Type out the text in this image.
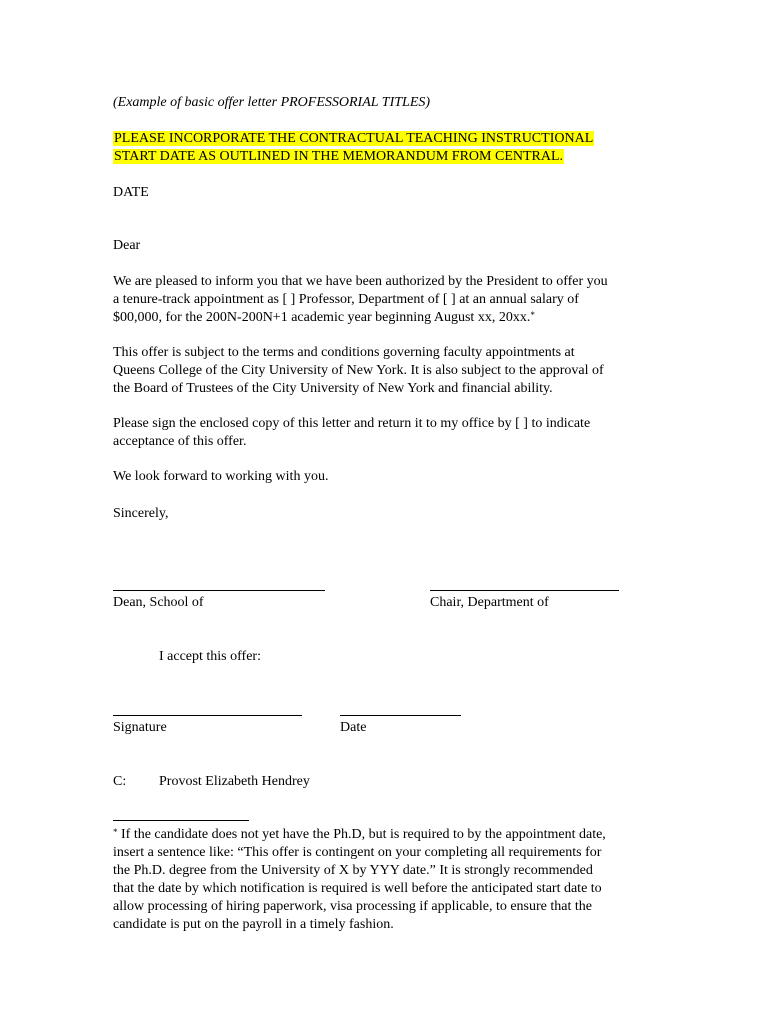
(Example of basic offer letter PROFESSORIAL TITLES)

PLEASE INCORPORATE THE CONTRACTUAL TEACHING INSTRUCTIONAL
START DATE AS OUTLINED IN THE MEMORANDUM FROM CENTRAL.

DATE

Dear

We are pleased to inform you that we have been authorized by the President to offer you
a tenure-track appointment as [ ] Professor, Department of [ ] at an annual salary of
$00,000, for the 200N-200N+1 academic year beginning August xx, 20xx.*
This offer is subject to the terms and conditions governing faculty appointments at
Queens College of the City University of New York. It is also subject to the approval of
the Board of Trustees of the City University of New York and financial ability.
Please sign the enclosed copy of this letter and return it to my office by [ ] to indicate
acceptance of this offer.

We look forward to working with you.

Sincerely,

Dean, School of	Chair, Department of

I accept this offer:

Signature	Date

C: Provost Elizabeth Hendrey

* If the candidate does not yet have the Ph.D, but is required to by the appointment date,
insert a sentence like: “This offer is contingent on your completing all requirements for
the Ph.D. degree from the University of X by YYY date.” It is strongly recommended
that the date by which notification is required is well before the anticipated start date to
allow processing of hiring paperwork, visa processing if applicable, to ensure that the
candidate is put on the payroll in a timely fashion.
